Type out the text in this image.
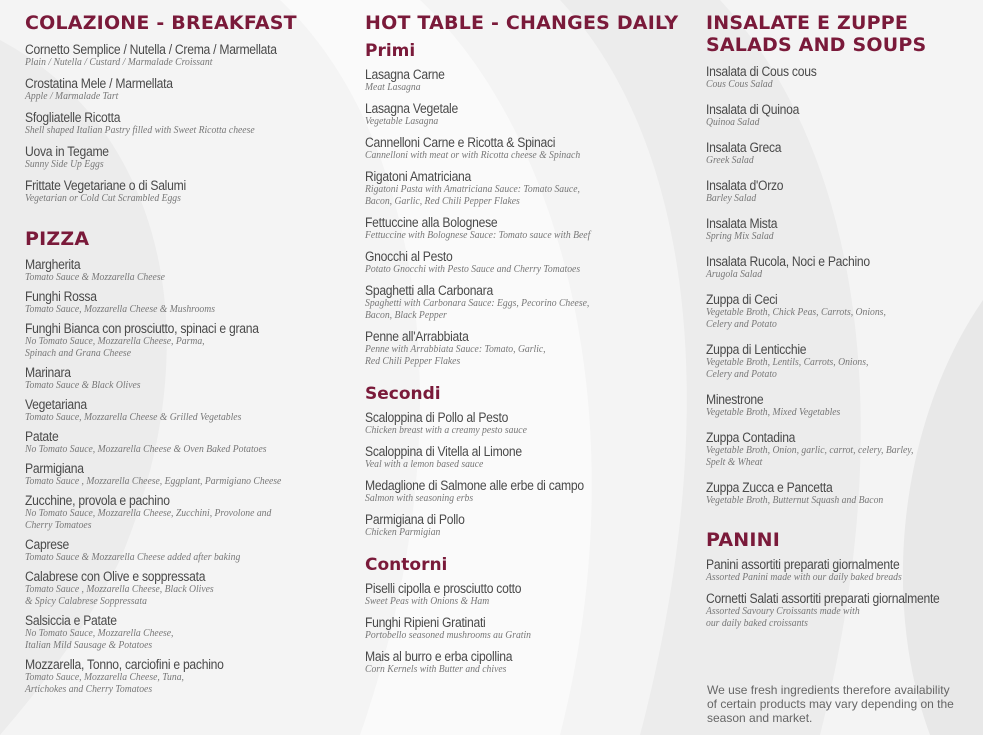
COLAZIONE - BREAKFAST
Cornetto Semplice / Nutella / Crema / Marmellata
Plain / Nutella / Custard / Marmalade Croissant
Crostatina Mele / Marmellata
Apple / Marmalade Tart
Sfogliatelle Ricotta
Shell shaped Italian Pastry filled with Sweet Ricotta cheese
Uova in Tegame
Sunny Side Up Eggs
Frittate Vegetariane o di Salumi
Vegetarian or Cold Cut Scrambled Eggs
PIZZA
Margherita
Tomato Sauce & Mozzarella Cheese
Funghi Rossa
Tomato Sauce, Mozzarella Cheese & Mushrooms
Funghi Bianca con prosciutto, spinaci e grana
No Tomato Sauce, Mozzarella Cheese, Parma,
Spinach and Grana Cheese
Marinara
Tomato Sauce & Black Olives
Vegetariana
Tomato Sauce, Mozzarella Cheese & Grilled Vegetables
Patate
No Tomato Sauce, Mozzarella Cheese & Oven Baked Potatoes
Parmigiana
Tomato Sauce , Mozzarella Cheese, Eggplant, Parmigiano Cheese
Zucchine, provola e pachino
No Tomato Sauce, Mozzarella Cheese, Zucchini, Provolone and
Cherry Tomatoes
Caprese
Tomato Sauce & Mozzarella Cheese added after baking
Calabrese con Olive e soppressata
Tomato Sauce , Mozzarella Cheese, Black Olives
& Spicy Calabrese Soppressata
Salsiccia e Patate
No Tomato Sauce, Mozzarella Cheese,
Italian Mild Sausage & Potatoes
Mozzarella, Tonno, carciofini e pachino
Tomato Sauce, Mozzarella Cheese, Tuna,
Artichokes and Cherry Tomatoes
HOT TABLE - CHANGES DAILY
Primi
Lasagna Carne
Meat Lasagna
Lasagna Vegetale
Vegetable Lasagna
Cannelloni Carne e Ricotta & Spinaci
Cannelloni with meat or with Ricotta cheese & Spinach
Rigatoni Amatriciana
Rigatoni Pasta with Amatriciana Sauce: Tomato Sauce,
Bacon, Garlic, Red Chili Pepper Flakes
Fettuccine alla Bolognese
Fettuccine with Bolognese Sauce: Tomato sauce with Beef
Gnocchi al Pesto
Potato Gnocchi with Pesto Sauce and Cherry Tomatoes
Spaghetti alla Carbonara
Spaghetti with Carbonara Sauce: Eggs, Pecorino Cheese,
Bacon, Black Pepper
Penne all'Arrabbiata
Penne with Arrabbiata Sauce: Tomato, Garlic,
Red Chili Pepper Flakes
Secondi
Scaloppina di Pollo al Pesto
Chicken breast with a creamy pesto sauce
Scaloppina di Vitella al Limone
Veal with a lemon based sauce
Medaglione di Salmone alle erbe di campo
Salmon with seasoning erbs
Parmigiana di Pollo
Chicken Parmigian
Contorni
Piselli cipolla e prosciutto cotto
Sweet Peas with Onions & Ham
Funghi Ripieni Gratinati
Portobello seasoned mushrooms au Gratin
Mais al burro e erba cipollina
Corn Kernels with Butter and chives
INSALATE E ZUPPE
SALADS AND SOUPS
Insalata di Cous cous
Cous Cous Salad
Insalata di Quinoa
Quinoa Salad
Insalata Greca
Greek Salad
Insalata d'Orzo
Barley Salad
Insalata Mista
Spring Mix Salad
Insalata Rucola, Noci e Pachino
Arugola Salad
Zuppa di Ceci
Vegetable Broth, Chick Peas, Carrots, Onions,
Celery and Potato
Zuppa di Lenticchie
Vegetable Broth, Lentils, Carrots, Onions,
Celery and Potato
Minestrone
Vegetable Broth, Mixed Vegetables
Zuppa Contadina
Vegetable Broth, Onion, garlic, carrot, celery, Barley,
Spelt & Wheat
Zuppa Zucca e Pancetta
Vegetable Broth, Butternut Squash and Bacon
PANINI
Panini assortiti preparati giornalmente
Assorted Panini made with our daily baked breads
Cornetti Salati assortiti preparati giornalmente
Assorted Savoury Croissants made with
our daily baked croissants
We use fresh ingredients therefore availability of certain products may vary depending on the season and market.
